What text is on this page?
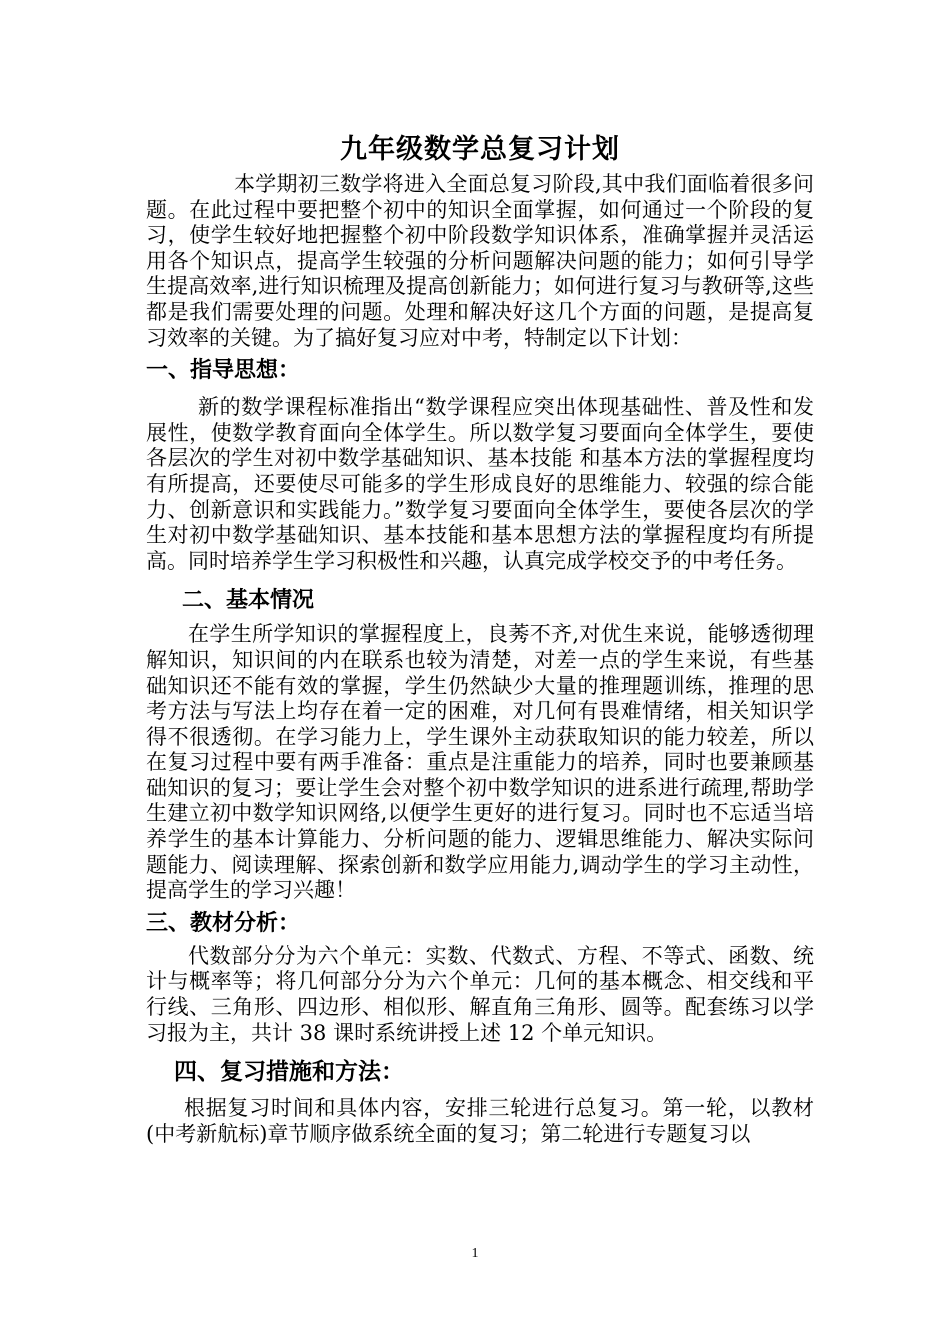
九年级数学总复习计划

本学期初三数学将进入全面总复习阶段,其中我们面临着很多问题。在此过程中要把整个初中的知识全面掌握，如何通过一个阶段的复习，使学生较好地把握整个初中阶段数学知识体系，准确掌握并灵活运用各个知识点，提高学生较强的分析问题解决问题的能力；如何引导学生提高效率,进行知识梳理及提高创新能力；如何进行复习与教研等,这些都是我们需要处理的问题。处理和解决好这几个方面的问题，是提高复习效率的关键。为了搞好复习应对中考，特制定以下计划：

一、指导思想：

新的数学课程标准指出“数学课程应突出体现基础性、普及性和发展性，使数学教育面向全体学生。所以数学复习要面向全体学生，要使各层次的学生对初中数学基础知识、基本技能 和基本方法的掌握程度均有所提高，还要使尽可能多的学生形成良好的思维能力、较强的综合能力、创新意识和实践能力。”数学复习要面向全体学生，要使各层次的学生对初中数学基础知识、基本技能和基本思想方法的掌握程度均有所提高。同时培养学生学习积极性和兴趣，认真完成学校交予的中考任务。

二、基本情况

在学生所学知识的掌握程度上，良莠不齐,对优生来说，能够透彻理解知识，知识间的内在联系也较为清楚，对差一点的学生来说，有些基础知识还不能有效的掌握，学生仍然缺少大量的推理题训练，推理的思考方法与写法上均存在着一定的困难，对几何有畏难情绪，相关知识学得不很透彻。在学习能力上，学生课外主动获取知识的能力较差，所以在复习过程中要有两手准备：重点是注重能力的培养，同时也要兼顾基础知识的复习；要让学生会对整个初中数学知识的进系进行疏理,帮助学生建立初中数学知识网络,以便学生更好的进行复习。同时也不忘适当培养学生的基本计算能力、分析问题的能力、逻辑思维能力、解决实际问题能力、阅读理解、探索创新和数学应用能力,调动学生的学习主动性，提高学生的学习兴趣！

三、教材分析：

代数部分分为六个单元：实数、代数式、方程、不等式、函数、统计与概率等；将几何部分分为六个单元：几何的基本概念、相交线和平行线、三角形、四边形、相似形、解直角三角形、圆等。配套练习以学习报为主，共计 38 课时系统讲授上述 12 个单元知识。

四、复习措施和方法：

根据复习时间和具体内容，安排三轮进行总复习。第一轮，以教材(中考新航标)章节顺序做系统全面的复习；第二轮进行专题复习以

1
